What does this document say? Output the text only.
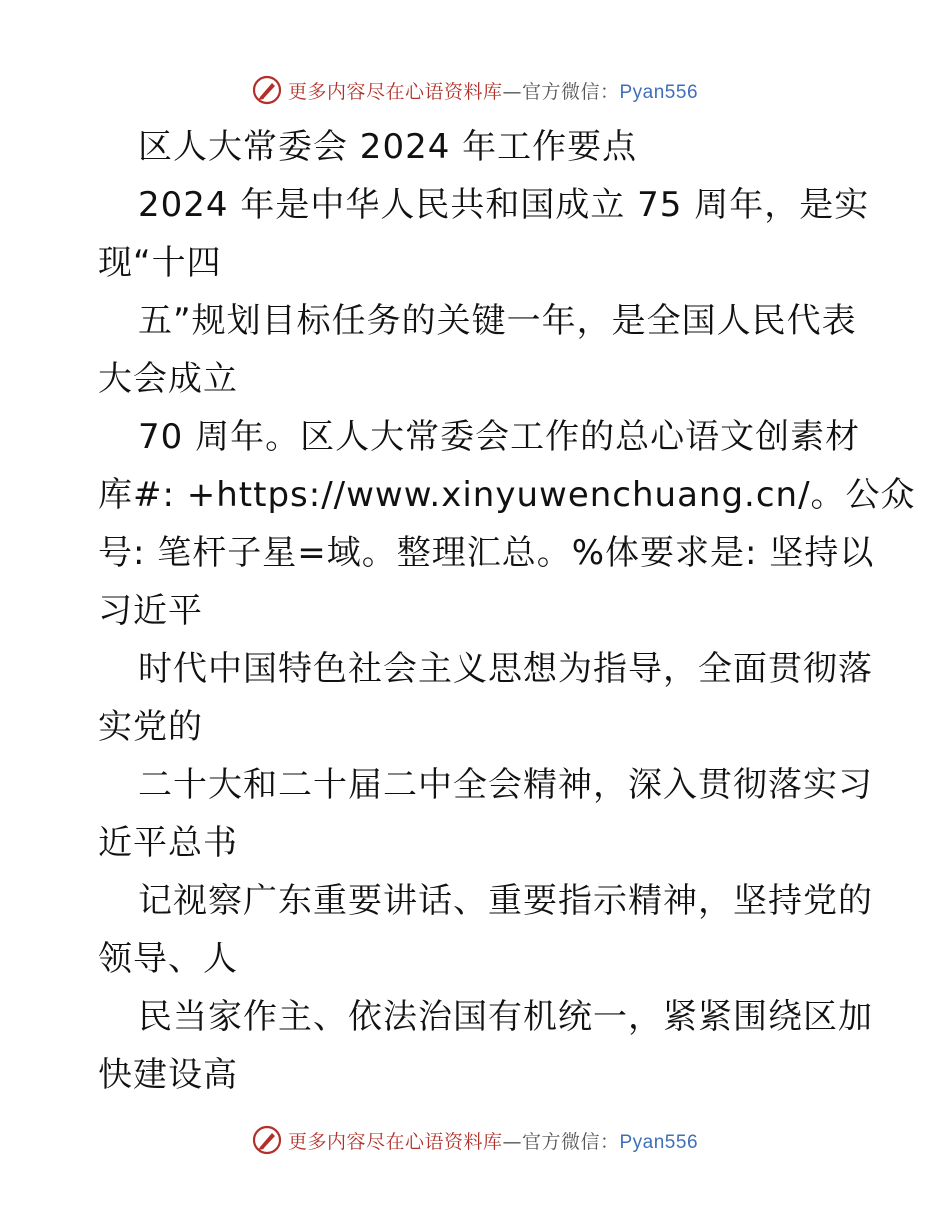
更多内容尽在心语资料库—官方微信：Pyan556
区人大常委会 2024 年工作要点
2024 年是中华人民共和国成立 75 周年，是实
现“十四
五”规划目标任务的关键一年，是全国人民代表
大会成立
70 周年。区人大常委会工作的总心语文创素材
库#: +https://www.xinyuwenchuang.cn/。公众
号: 笔杆子星=域。整理汇总。%体要求是: 坚持以
习近平
时代中国特色社会主义思想为指导，全面贯彻落
实党的
二十大和二十届二中全会精神，深入贯彻落实习
近平总书
记视察广东重要讲话、重要指示精神，坚持党的
领导、人
民当家作主、依法治国有机统一，紧紧围绕区加
快建设高
更多内容尽在心语资料库—官方微信：Pyan556
